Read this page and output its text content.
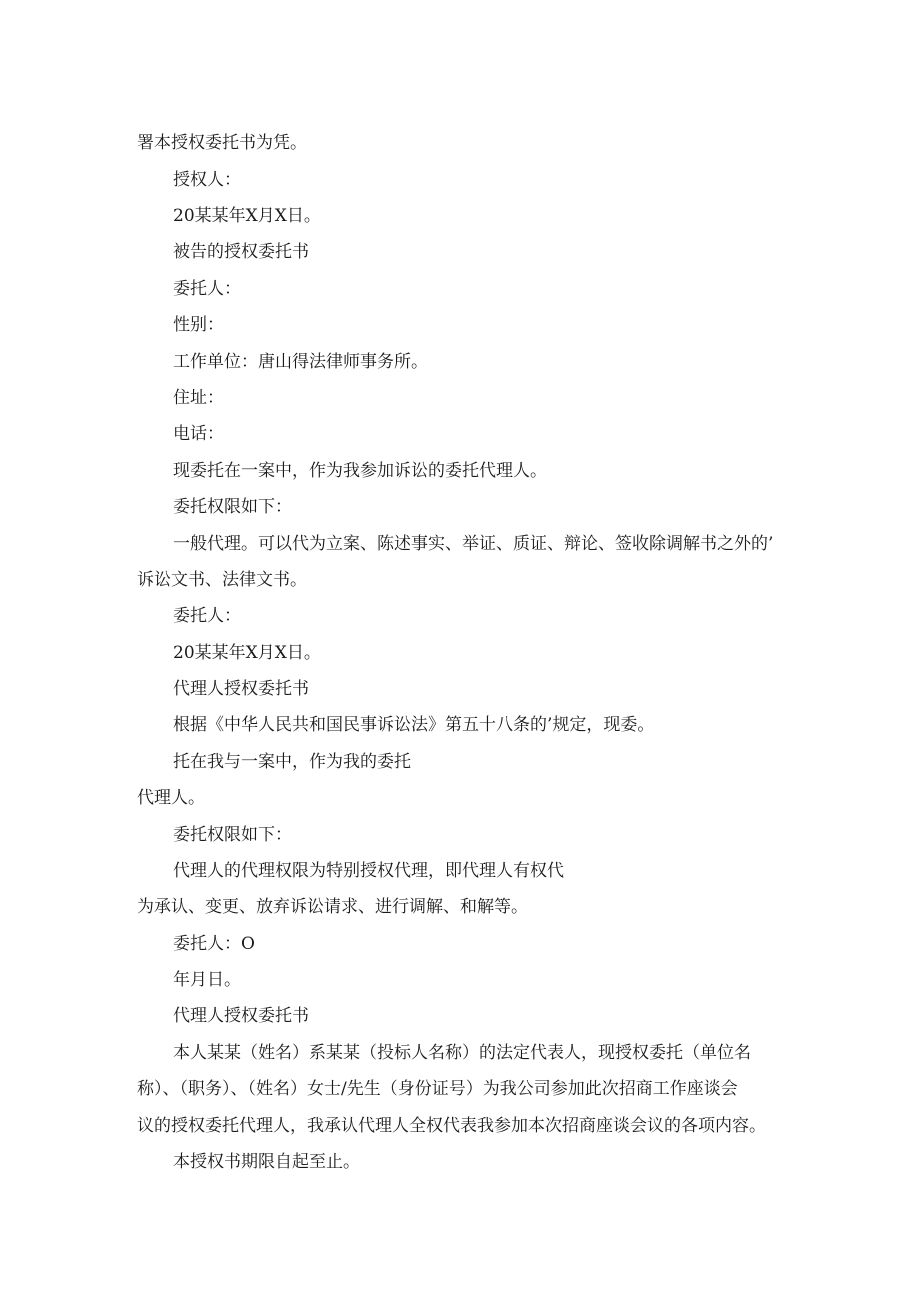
署本授权委托书为凭。
授权人：
20某某年X月X日。
被告的授权委托书
委托人：
性别：
工作单位：唐山得法律师事务所。
住址：
电话：
现委托在一案中，作为我参加诉讼的委托代理人。
委托权限如下：
一般代理。可以代为立案、陈述事实、举证、质证、辩论、签收除调解书之外的’
诉讼文书、法律文书。
委托人：
20某某年X月X日。
代理人授权委托书
根据《中华人民共和国民事诉讼法》第五十八条的’规定，现委。
托在我与一案中，作为我的委托
代理人。
委托权限如下：
代理人的代理权限为特别授权代理，即代理人有权代
为承认、变更、放弃诉讼请求、进行调解、和解等。
委托人：O
年月日。
代理人授权委托书
本人某某（姓名）系某某（投标人名称）的法定代表人，现授权委托（单位名
称）、（职务）、（姓名）女士/先生（身份证号）为我公司参加此次招商工作座谈会
议的授权委托代理人，我承认代理人全权代表我参加本次招商座谈会议的各项内容。
本授权书期限自起至止。
